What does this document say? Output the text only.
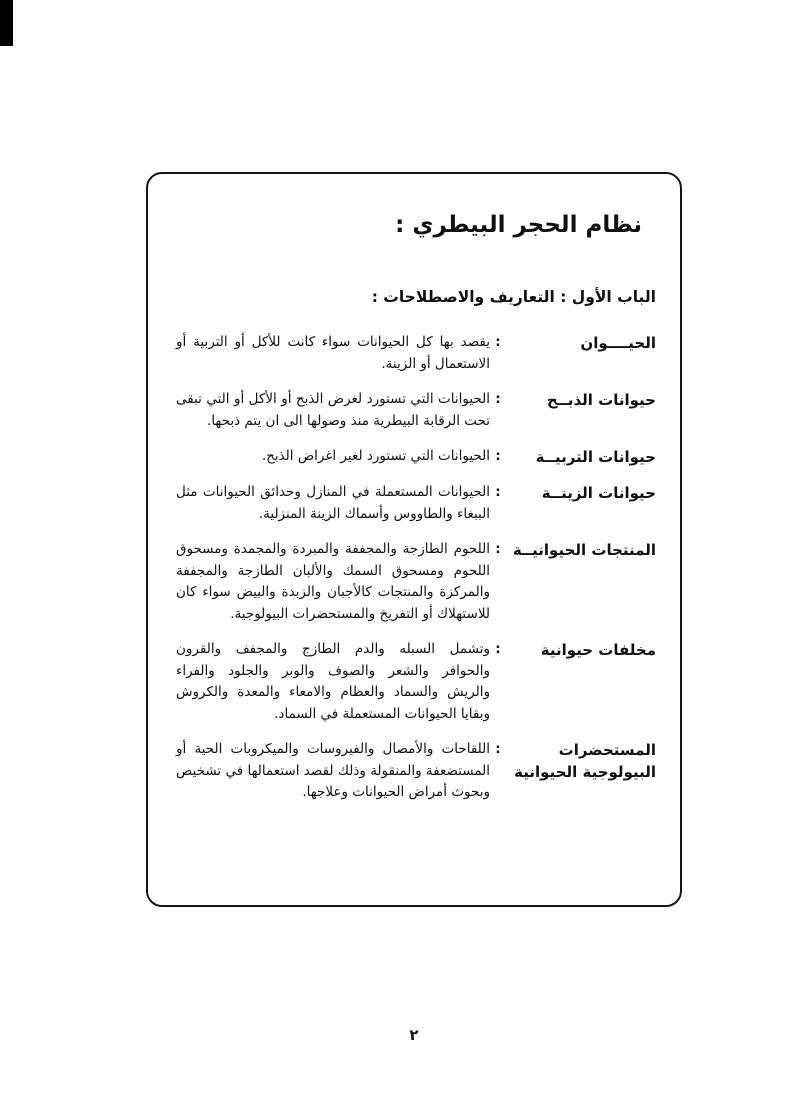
نظام الحجر البيطري :
الباب الأول : التعاريف والاصطلاحات :
الحيــــوان
:
يقصد بها كل الحيوانات سواء كانت للأكل أو التربية أو الاستعمال أو الزينة.
حيوانات الذبــح
:
الحيوانات التي تستورد لغرض الذبح أو الأكل أو التي تبقى تحت الرقابة البيطرية منذ وصولها الى ان يتم ذبحها.
حيوانات التربيــة
:
الحيوانات التي تستورد لغير اغراض الذبح.
حيوانات الزينــة
:
الحيوانات المستعملة في المنازل وحدائق الحيوانات مثل الببغاء والطاووس وأسماك الزينة المنزلية.
المنتجات الحيوانيــة
:
اللحوم الطازجة والمجففة والمبردة والمجمدة ومسحوق اللحوم ومسحوق السمك والألبان الطازجة والمجففة والمركزة والمنتجات كالأجبان والزبدة والبيض سواء كان للاستهلاك أو التفريخ والمستحضرات البيولوجية.
مخلفات حيوانية
:
وتشمل السبله والدم الطازج والمجفف والقرون والحوافر والشعر والصوف والوبر والجلود والفراء والريش والسماد والعظام والامعاء والمعدة والكروش وبقايا الحيوانات المستعملة في السماد.
المستحضرات البيولوجية الحيوانية
:
اللقاحات والأمصال والفيروسات والميكروبات الحية أو المستضعفة والمنقولة وذلك لقصد استعمالها في تشخيص وبحوث أمراض الحيوانات وعلاجها.
٢
